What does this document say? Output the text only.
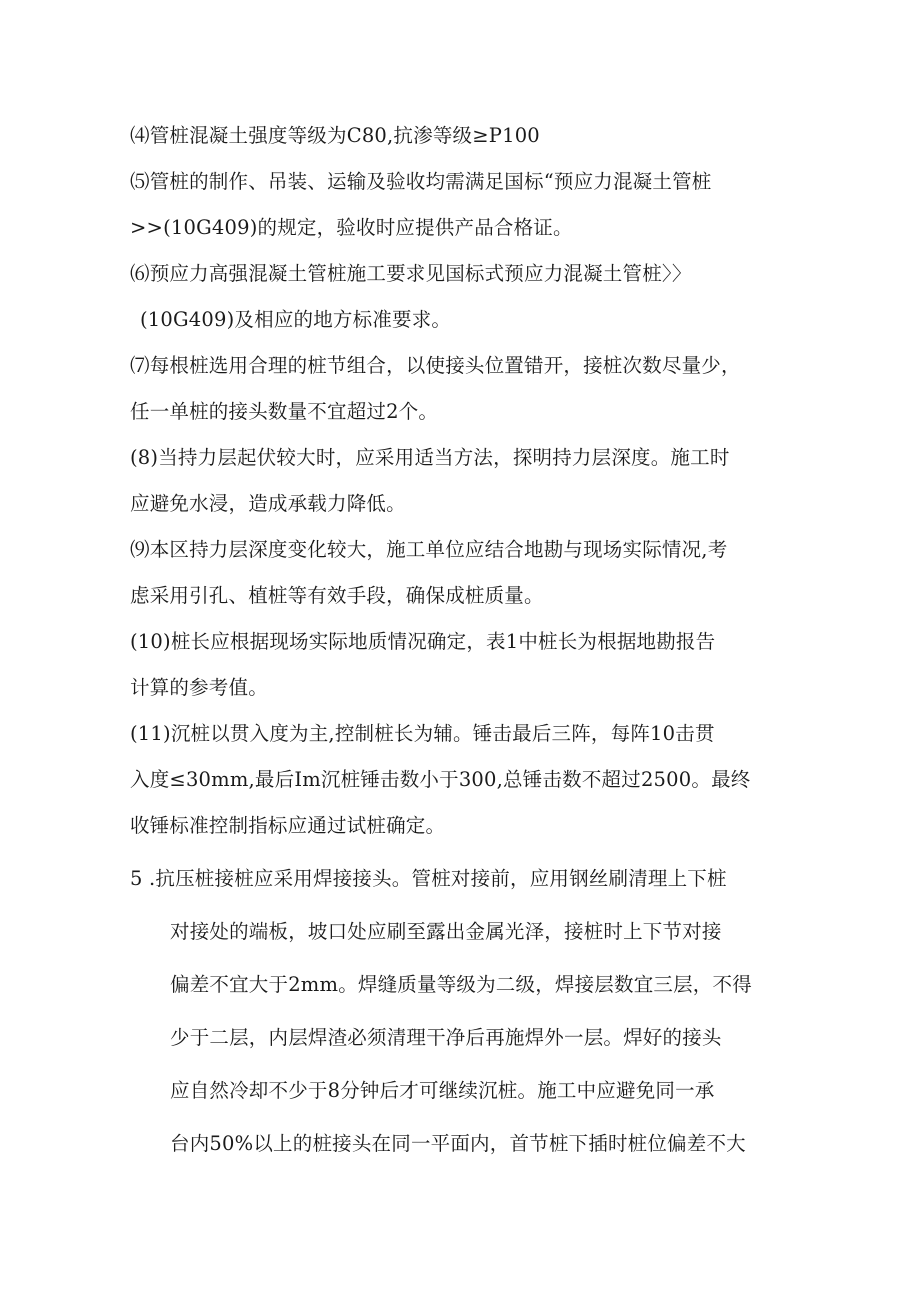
⑷管桩混凝土强度等级为C80,抗渗等级≥P100
⑸管桩的制作、吊装、运输及验收均需满足国标“预应力混凝土管桩
>>(10G409)的规定，验收时应提供产品合格证。
⑹预应力高强混凝土管桩施工要求见国标式预应力混凝土管桩〉〉
(10G409)及相应的地方标准要求。
⑺每根桩选用合理的桩节组合，以使接头位置错开，接桩次数尽量少，
任一单桩的接头数量不宜超过2个。
(8)当持力层起伏较大时，应采用适当方法，探明持力层深度。施工时
应避免水浸，造成承载力降低。
⑼本区持力层深度变化较大，施工单位应结合地勘与现场实际情况,考
虑采用引孔、植桩等有效手段，确保成桩质量。
(10)桩长应根据现场实际地质情况确定，表1中桩长为根据地勘报告
计算的参考值。
(11)沉桩以贯入度为主,控制桩长为辅。锤击最后三阵，每阵10击贯
入度≤30mm,最后Im沉桩锤击数小于300,总锤击数不超过2500。最终
收锤标准控制指标应通过试桩确定。
5 .抗压桩接桩应采用焊接接头。管桩对接前，应用钢丝刷清理上下桩
对接处的端板，坡口处应刷至露出金属光泽，接桩时上下节对接
偏差不宜大于2mm。焊缝质量等级为二级，焊接层数宜三层，不得
少于二层，内层焊渣必须清理干净后再施焊外一层。焊好的接头
应自然冷却不少于8分钟后才可继续沉桩。施工中应避免同一承
台内50%以上的桩接头在同一平面内，首节桩下插时桩位偏差不大
